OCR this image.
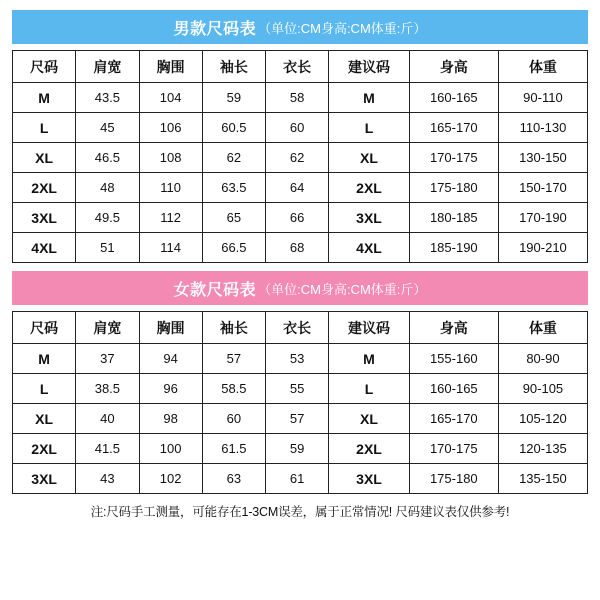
男款尺码表 （单位:CM身高:CM体重:斤）
尺码	肩宽	胸围	袖长	衣长	建议码	身高	体重
M	43.5	104	59	58	M	160-165	90-110
L	45	106	60.5	60	L	165-170	110-130
XL	46.5	108	62	62	XL	170-175	130-150
2XL	48	110	63.5	64	2XL	175-180	150-170
3XL	49.5	112	65	66	3XL	180-185	170-190
4XL	51	114	66.5	68	4XL	185-190	190-210
女款尺码表 （单位:CM身高:CM体重:斤）
尺码	肩宽	胸围	袖长	衣长	建议码	身高	体重
M	37	94	57	53	M	155-160	80-90
L	38.5	96	58.5	55	L	160-165	90-105
XL	40	98	60	57	XL	165-170	105-120
2XL	41.5	100	61.5	59	2XL	170-175	120-135
3XL	43	102	63	61	3XL	175-180	135-150
注:尺码手工测量，可能存在1-3CM误差，属于正常情况! 尺码建议表仅供参考!
